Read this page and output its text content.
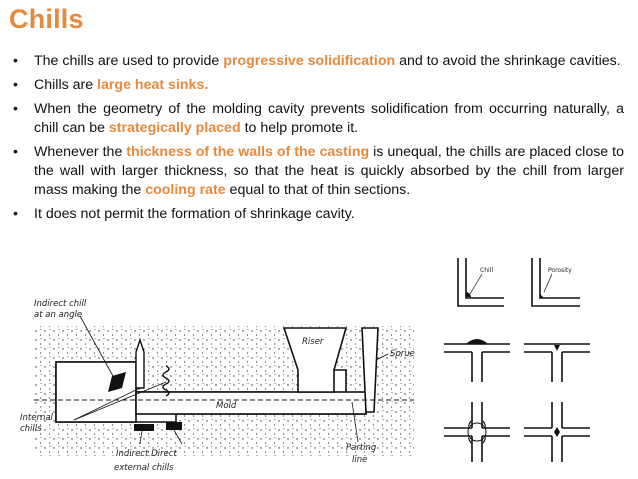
Chills
• The chills are used to provide progressive solidification and to avoid the shrinkage cavities.
• Chills are large heat sinks.
• When the geometry of the molding cavity prevents solidification from occurring naturally, a chill can be strategically placed to help promote it.
• Whenever the thickness of the walls of the casting is unequal, the chills are placed close to the wall with larger thickness, so that the heat is quickly absorbed by the chill from larger mass making the cooling rate equal to that of thin sections.
• It does not permit the formation of shrinkage cavity.
Indirect chill
at an angle
Riser
Sprue
Mold
Internal
chills
Indirect Direct
external chills
Parting
line
Chill	Porosity
